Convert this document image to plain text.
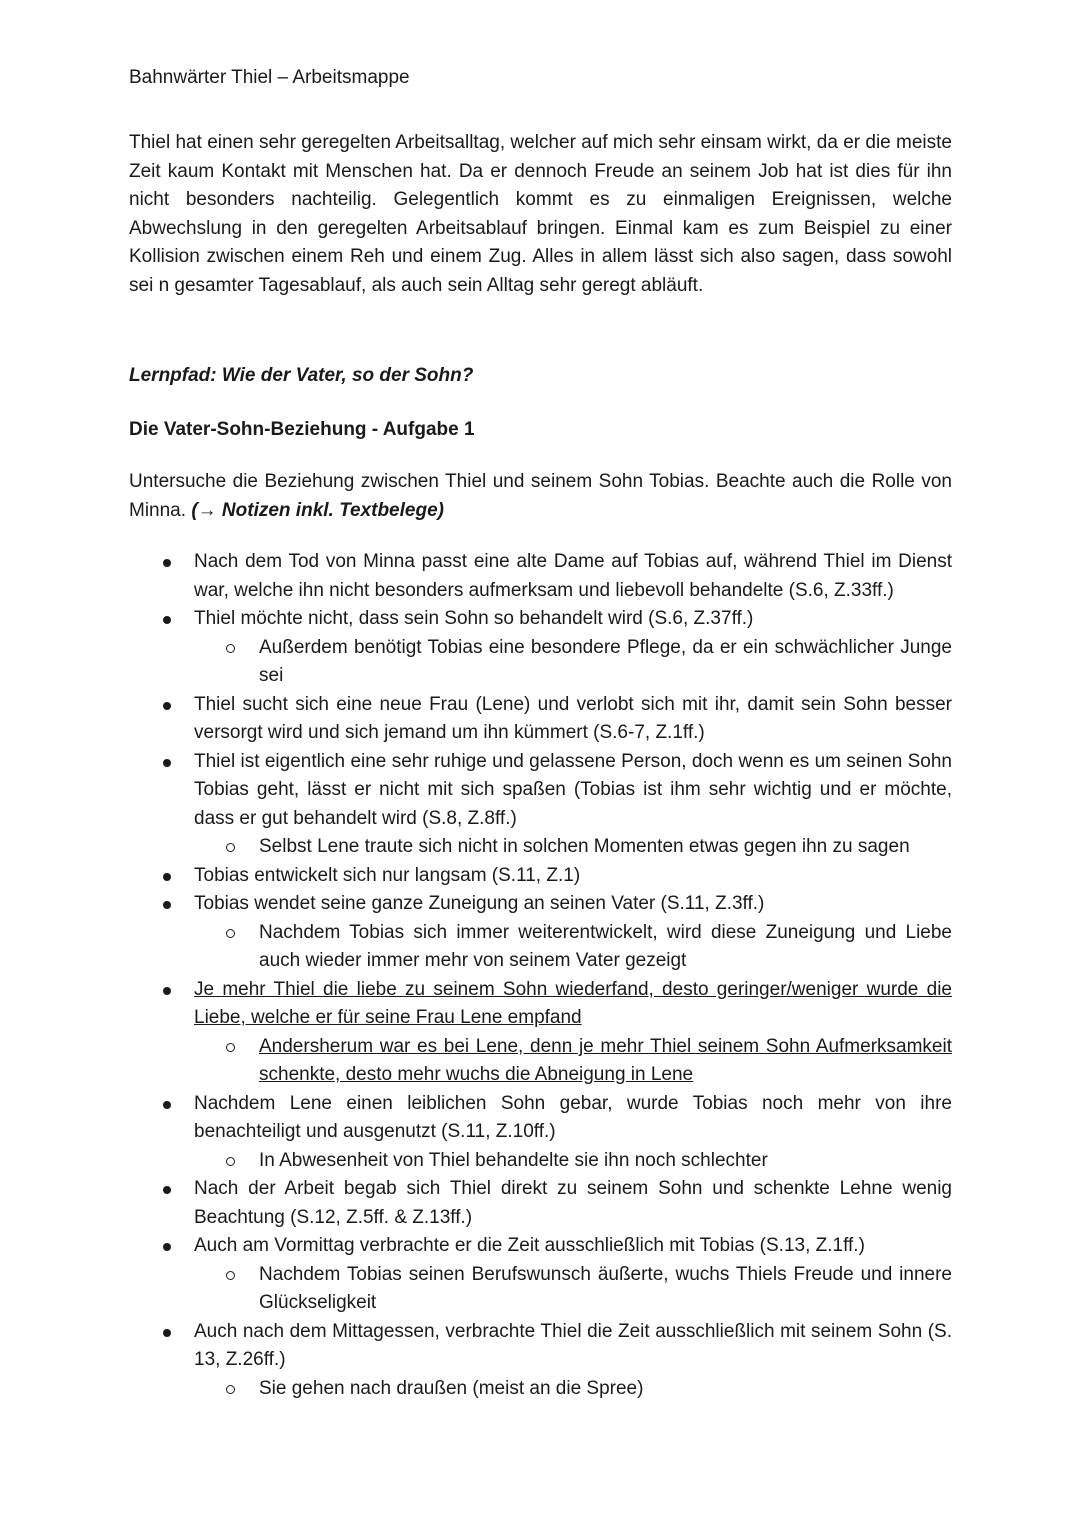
Bahnwärter Thiel – Arbeitsmappe

Thiel hat einen sehr geregelten Arbeitsalltag, welcher auf mich sehr einsam wirkt, da er die meiste Zeit kaum Kontakt mit Menschen hat. Da er dennoch Freude an seinem Job hat ist dies für ihn nicht besonders nachteilig. Gelegentlich kommt es zu einmaligen Ereignissen, welche Abwechslung in den geregelten Arbeitsablauf bringen. Einmal kam es zum Beispiel zu einer Kollision zwischen einem Reh und einem Zug. Alles in allem lässt sich also sagen, dass sowohl sei n gesamter Tagesablauf, als auch sein Alltag sehr geregt abläuft.

Lernpfad: Wie der Vater, so der Sohn?
Die Vater-Sohn-Beziehung - Aufgabe 1

Untersuche die Beziehung zwischen Thiel und seinem Sohn Tobias. Beachte auch die Rolle von Minna. (→ Notizen inkl. Textbelege)

Nach dem Tod von Minna passt eine alte Dame auf Tobias auf, während Thiel im Dienst war, welche ihn nicht besonders aufmerksam und liebevoll behandelte (S.6, Z.33ff.)
Thiel möchte nicht, dass sein Sohn so behandelt wird (S.6, Z.37ff.)
Außerdem benötigt Tobias eine besondere Pflege, da er ein schwächlicher Junge sei
Thiel sucht sich eine neue Frau (Lene) und verlobt sich mit ihr, damit sein Sohn besser versorgt wird und sich jemand um ihn kümmert (S.6-7, Z.1ff.)
Thiel ist eigentlich eine sehr ruhige und gelassene Person, doch wenn es um seinen Sohn Tobias geht, lässt er nicht mit sich spaßen (Tobias ist ihm sehr wichtig und er möchte, dass er gut behandelt wird (S.8, Z.8ff.)
Selbst Lene traute sich nicht in solchen Momenten etwas gegen ihn zu sagen
Tobias entwickelt sich nur langsam (S.11, Z.1)
Tobias wendet seine ganze Zuneigung an seinen Vater (S.11, Z.3ff.)
Nachdem Tobias sich immer weiterentwickelt, wird diese Zuneigung und Liebe auch wieder immer mehr von seinem Vater gezeigt
Je mehr Thiel die liebe zu seinem Sohn wiederfand, desto geringer/weniger wurde die Liebe, welche er für seine Frau Lene empfand
Andersherum war es bei Lene, denn je mehr Thiel seinem Sohn Aufmerksamkeit schenkte, desto mehr wuchs die Abneigung in Lene
Nachdem Lene einen leiblichen Sohn gebar, wurde Tobias noch mehr von ihre benachteiligt und ausgenutzt (S.11, Z.10ff.)
In Abwesenheit von Thiel behandelte sie ihn noch schlechter
Nach der Arbeit begab sich Thiel direkt zu seinem Sohn und schenkte Lehne wenig Beachtung (S.12, Z.5ff. & Z.13ff.)
Auch am Vormittag verbrachte er die Zeit ausschließlich mit Tobias (S.13, Z.1ff.)
Nachdem Tobias seinen Berufswunsch äußerte, wuchs Thiels Freude und innere Glückseligkeit
Auch nach dem Mittagessen, verbrachte Thiel die Zeit ausschließlich mit seinem Sohn (S. 13, Z.26ff.)
Sie gehen nach draußen (meist an die Spree)
